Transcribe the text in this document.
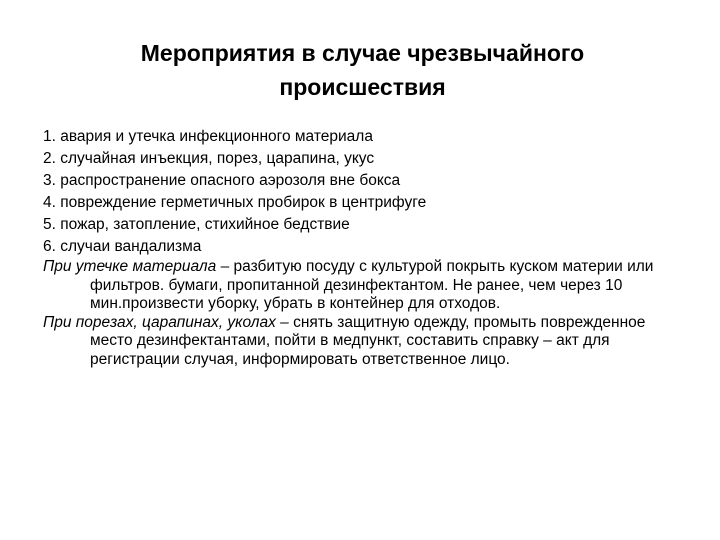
Мероприятия в случае чрезвычайного
происшествия
1. авария и утечка инфекционного материала
2. случайная инъекция, порез, царапина, укус
3. распространение опасного аэрозоля вне бокса
4. повреждение герметичных пробирок в центрифуге
5. пожар, затопление, стихийное бедствие
6. случаи вандализма
При утечке материала – разбитую посуду с культурой покрыть куском материи или фильтров. бумаги, пропитанной дезинфектантом. Не ранее, чем через 10 мин.произвести уборку, убрать в контейнер для отходов.
При порезах, царапинах, уколах – снять защитную одежду, промыть поврежденное место дезинфектантами, пойти в медпункт, составить справку – акт для регистрации случая, информировать ответственное лицо.
